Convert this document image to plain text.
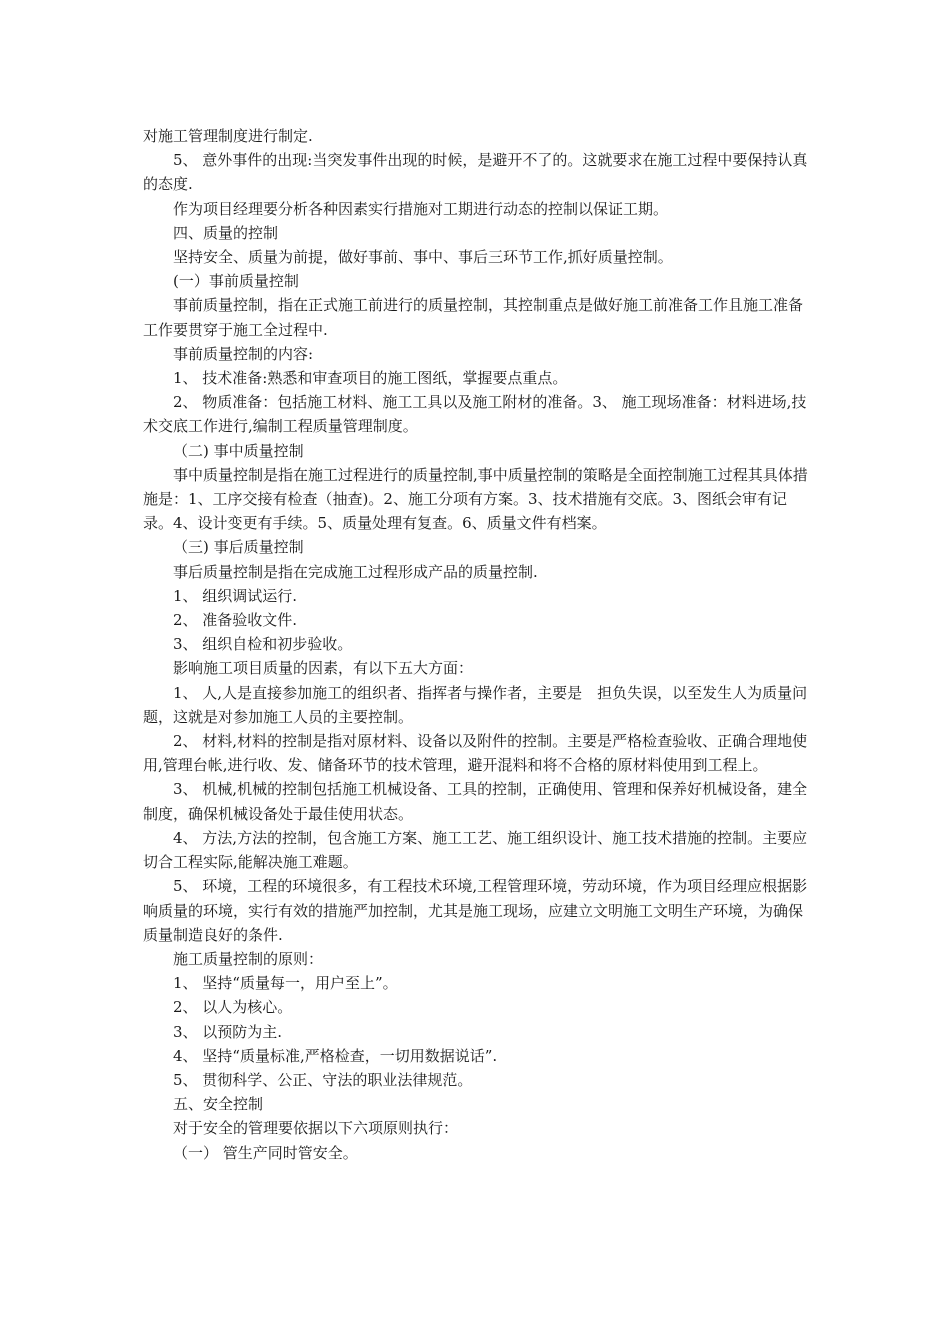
对施工管理制度进行制定.

5、 意外事件的出现:当突发事件出现的时候，是避开不了的。这就要求在施工过程中要保持认真的态度.

作为项目经理要分析各种因素实行措施对工期进行动态的控制以保证工期。

四、质量的控制

坚持安全、质量为前提，做好事前、事中、事后三环节工作,抓好质量控制。

(一）事前质量控制

事前质量控制，指在正式施工前进行的质量控制，其控制重点是做好施工前准备工作且施工准备工作要贯穿于施工全过程中.

事前质量控制的内容:

1、 技术准备:熟悉和审查项目的施工图纸，掌握要点重点。

2、 物质准备：包括施工材料、施工工具以及施工附材的准备。3、 施工现场准备：材料进场,技术交底工作进行,编制工程质量管理制度。

（二) 事中质量控制

事中质量控制是指在施工过程进行的质量控制,事中质量控制的策略是全面控制施工过程其具体措施是：1、工序交接有检查（抽查)。2、施工分项有方案。3、技术措施有交底。3、图纸会审有记录。4、设计变更有手续。5、质量处理有复查。6、质量文件有档案。

（三) 事后质量控制

事后质量控制是指在完成施工过程形成产品的质量控制.

1、 组织调试运行.

2、 准备验收文件.

3、 组织自检和初步验收。

影响施工项目质量的因素，有以下五大方面：

1、 人,人是直接参加施工的组织者、指挥者与操作者，主要是　担负失误，以至发生人为质量问题，这就是对参加施工人员的主要控制。

2、 材料,材料的控制是指对原材料、设备以及附件的控制。主要是严格检查验收、正确合理地使用,管理台帐,进行收、发、储备环节的技术管理，避开混料和将不合格的原材料使用到工程上。

3、 机械,机械的控制包括施工机械设备、工具的控制，正确使用、管理和保养好机械设备，建全制度，确保机械设备处于最佳使用状态。

4、 方法,方法的控制，包含施工方案、施工工艺、施工组织设计、施工技术措施的控制。主要应切合工程实际,能解决施工难题。

5、 环境，工程的环境很多，有工程技术环境,工程管理环境，劳动环境，作为项目经理应根据影响质量的环境，实行有效的措施严加控制，尤其是施工现场，应建立文明施工文明生产环境，为确保质量制造良好的条件.

施工质量控制的原则：

1、 坚持“质量每一，用户至上”。

2、 以人为核心。

3、 以预防为主.

4、 坚持“质量标准,严格检查，一切用数据说话”.

5、 贯彻科学、公正、守法的职业法律规范。

五、安全控制

对于安全的管理要依据以下六项原则执行：

（一） 管生产同时管安全。
